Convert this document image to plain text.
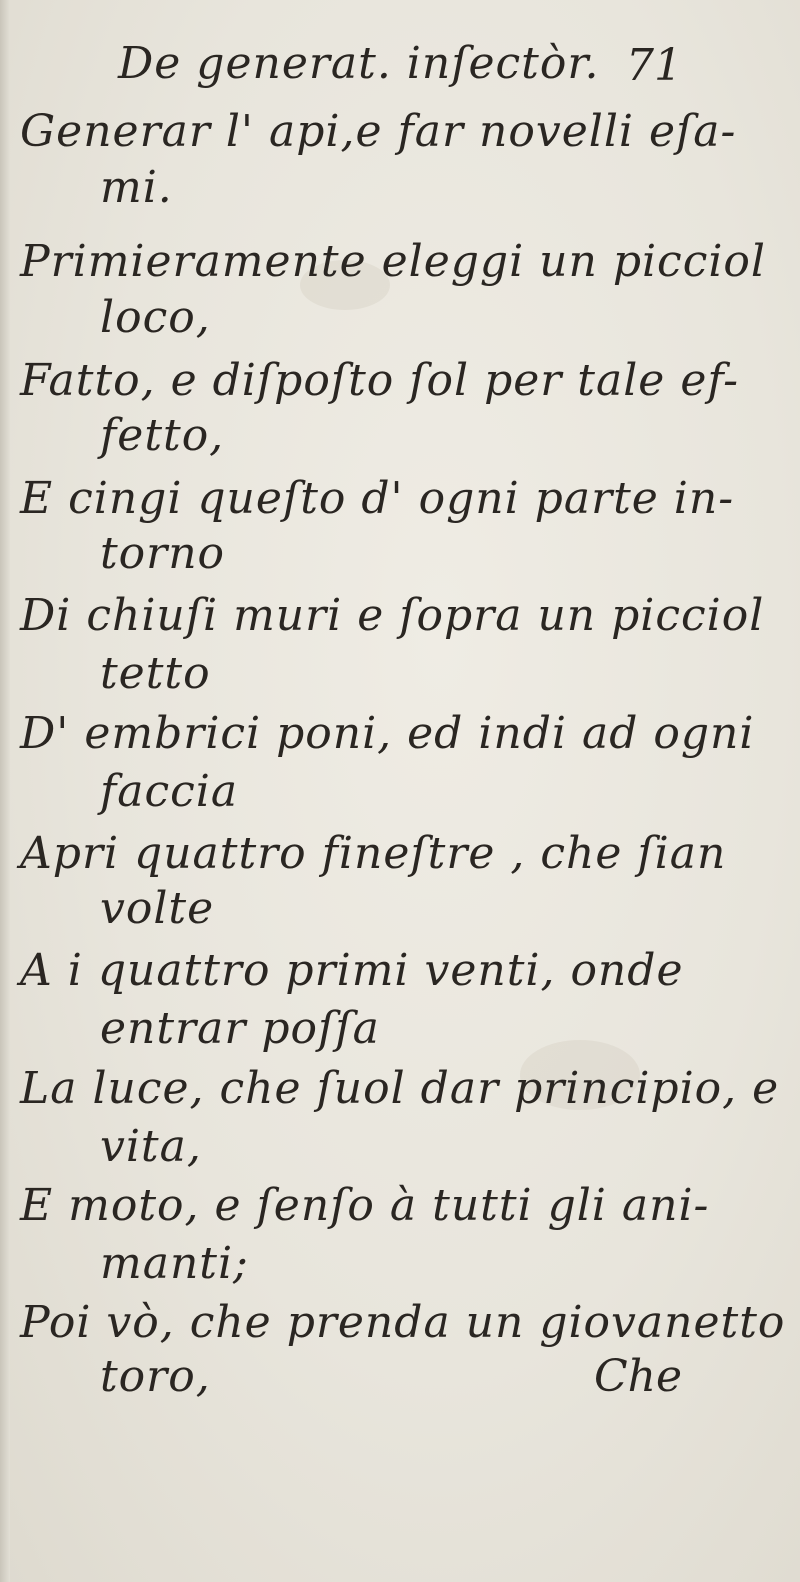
De generat. inſectòr. 71
Generar l' api,e far novelli eſa-
mi.
Primieramente eleggi un picciol
loco,
Fatto, e diſpoſto ſol per tale ef-
fetto,
E cingi queſto d' ogni parte in-
torno
Di chiuſi muri e ſopra un picciol
tetto
D' embrici poni, ed indi ad ogni
faccia
Apri quattro fineſtre , che ſian
volte
A i quattro primi venti, onde
entrar poſſa
La luce, che ſuol dar principio, e
vita,
E moto, e ſenſo à tutti gli ani-
manti;
Poi vò, che prenda un giovanetto
toro,	Che
